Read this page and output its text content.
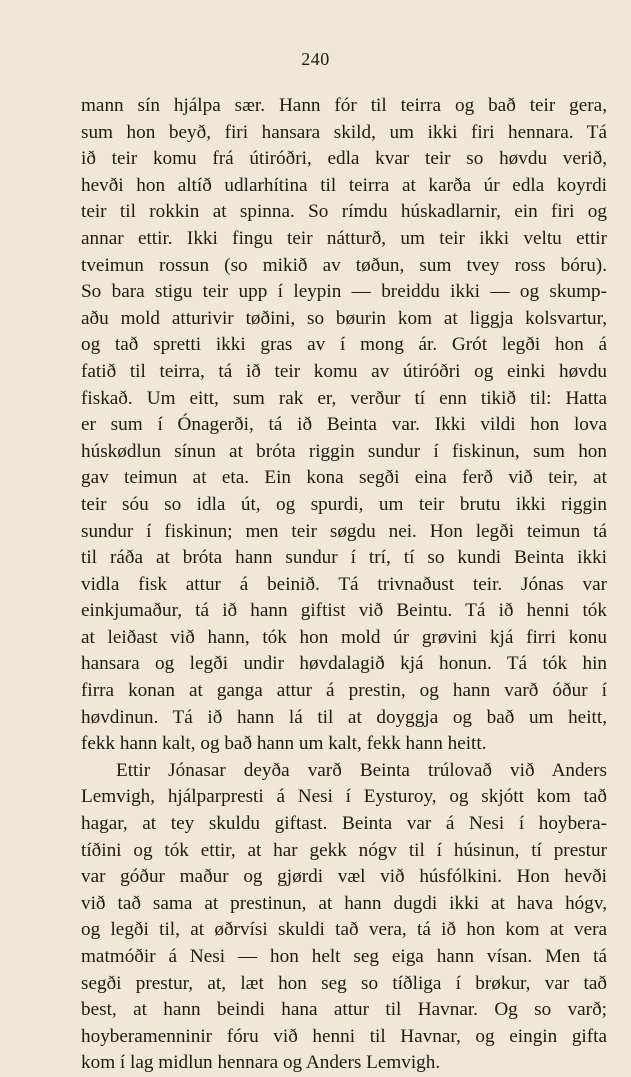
240
mann sín hjálpa sær. Hann fór til teirra og bað teir gera,
sum hon beyð, firi hansara skild, um ikki firi hennara. Tá
ið teir komu frá útiróðri, edla kvar teir so høvdu verið,
hevði hon altíð udlarhítina til teirra at karða úr edla koyrdi
teir til rokkin at spinna. So rímdu húskadlarnir, ein firi og
annar ettir. Ikki fingu teir nátturð, um teir ikki veltu ettir
tveimun rossun (so mikið av tøðun, sum tvey ross bóru).
So bara stigu teir upp í leypin — breiddu ikki — og skump-
aðu mold atturivir tøðini, so bøurin kom at liggja kolsvartur,
og tað spretti ikki gras av í mong ár. Grót legði hon á
fatið til teirra, tá ið teir komu av útiróðri og einki høvdu
fiskað. Um eitt, sum rak er, verður tí enn tikið til: Hatta
er sum í Ónagerði, tá ið Beinta var. Ikki vildi hon lova
húskødlun sínun at bróta riggin sundur í fiskinun, sum hon
gav teimun at eta. Ein kona segði eina ferð við teir, at
teir sóu so idla út, og spurdi, um teir brutu ikki riggin
sundur í fiskinun; men teir søgdu nei. Hon legði teimun tá
til ráða at bróta hann sundur í trí, tí so kundi Beinta ikki
vidla fisk attur á beinið. Tá trivnaðust teir. Jónas var
einkjumaður, tá ið hann giftist við Beintu. Tá ið henni tók
at leiðast við hann, tók hon mold úr grøvini kjá firri konu
hansara og legði undir høvdalagið kjá honun. Tá tók hin
firra konan at ganga attur á prestin, og hann varð óður í
høvdinun. Tá ið hann lá til at doyggja og bað um heitt,
fekk hann kalt, og bað hann um kalt, fekk hann heitt.
Ettir Jónasar deyða varð Beinta trúlovað við Anders
Lemvigh, hjálparpresti á Nesi í Eysturoy, og skjótt kom tað
hagar, at tey skuldu giftast. Beinta var á Nesi í hoybera-
tíðini og tók ettir, at har gekk nógv til í húsinun, tí prestur
var góður maður og gjørdi væl við húsfólkini. Hon hevði
við tað sama at prestinun, at hann dugdi ikki at hava hógv,
og legði til, at øðrvísi skuldi tað vera, tá ið hon kom at vera
matmóðir á Nesi — hon helt seg eiga hann vísan. Men tá
segði prestur, at, læt hon seg so tíðliga í brøkur, var tað
best, at hann beindi hana attur til Havnar. Og so varð;
hoyberamenninir fóru við henni til Havnar, og eingin gifta
kom í lag midlun hennara og Anders Lemvigh.
